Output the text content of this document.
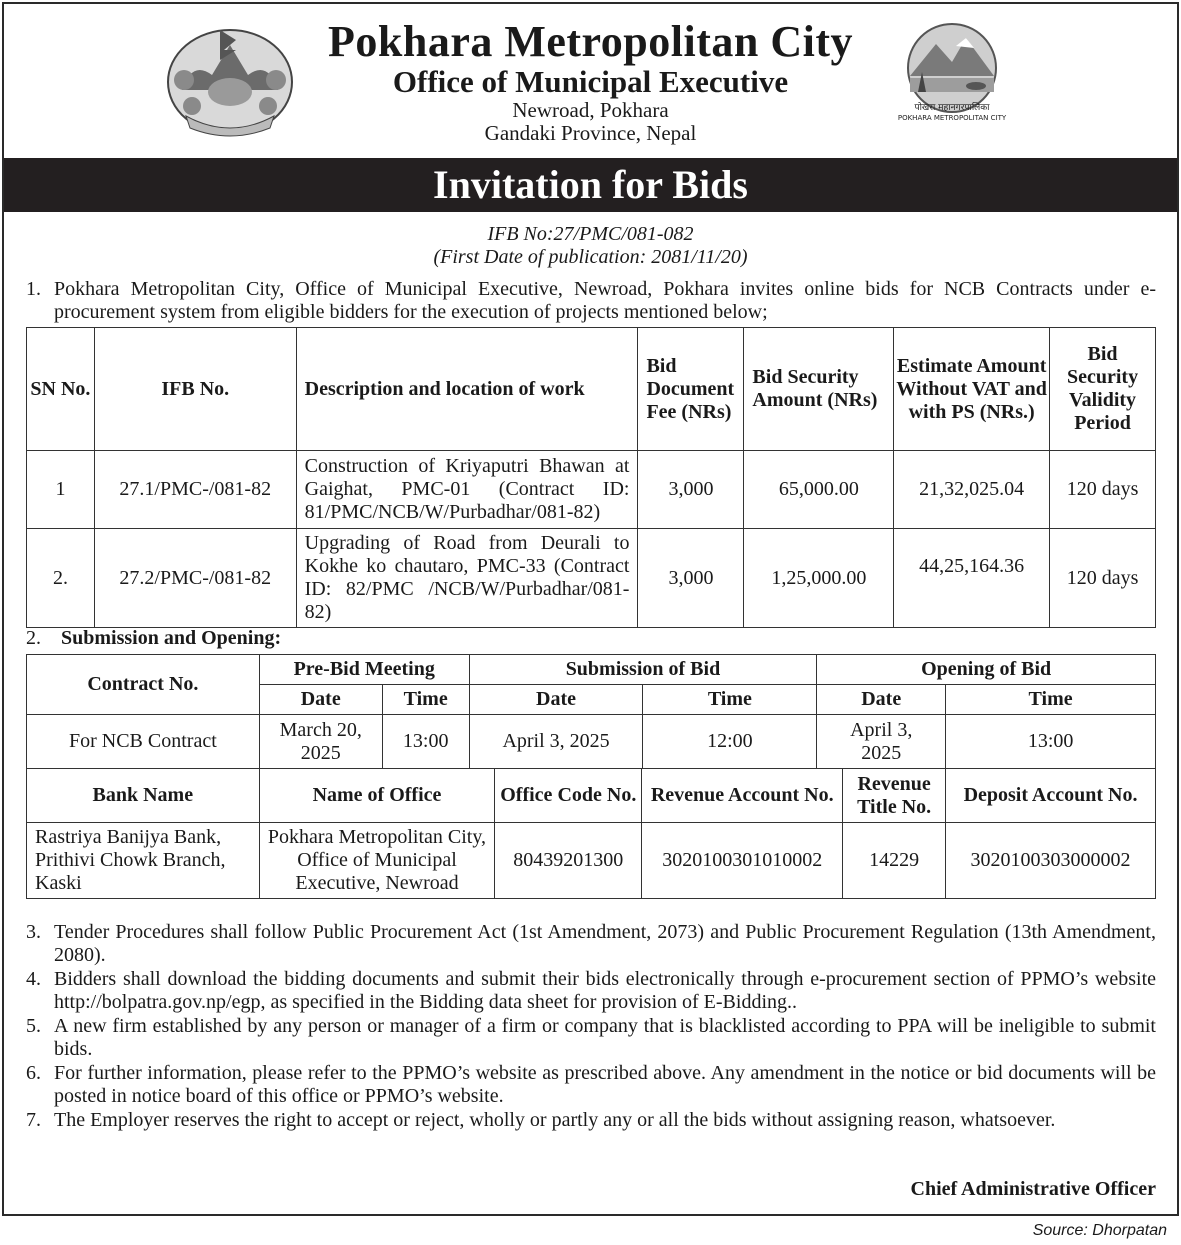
पोखरा महानगरपालिका
POKHARA METROPOLITAN CITY
Pokhara Metropolitan City
Office of Municipal Executive
Newroad, Pokhara
Gandaki Province, Nepal
Invitation for Bids
IFB No:27/PMC/081-082
(First Date of publication: 2081/11/20)
1. Pokhara Metropolitan City, Office of Municipal Executive, Newroad, Pokhara invites online bids for NCB Contracts under e-procurement system from eligible bidders for the execution of projects mentioned below;
SN No.	IFB No.	Description and location of work	Bid Document Fee (NRs)	Bid Security Amount (NRs)	Estimate Amount Without VAT and with PS (NRs.)	Bid Security Validity Period
1	27.1/PMC-/081-82	Construction of Kriyaputri Bhawan at Gaighat, PMC-01 (Contract ID: 81/PMC/NCB/W/Purbadhar/081-82)	3,000	65,000.00	21,32,025.04	120 days
2.	27.2/PMC-/081-82	Upgrading of Road from Deurali to Kokhe ko chautaro, PMC-33 (Contract ID: 82/PMC /NCB/W/Purbadhar/081-82)	3,000	1,25,000.00	44,25,164.36	120 days
2. Submission and Opening:
Contract No.	Pre-Bid Meeting		Submission of Bid		Opening of Bid	
	Date	Time	Date	Time	Date	Time
For NCB Contract	March 20, 2025	13:00	April 3, 2025	12:00	April 3, 2025	13:00
Bank Name	Name of Office	Office Code No.	Revenue Account No.	Revenue Title No.	Deposit Account No.
Rastriya Banijya Bank, Prithivi Chowk Branch, Kaski	Pokhara Metropolitan City, Office of Municipal Executive, Newroad	80439201300	3020100301010002	14229	3020100303000002
3. Tender Procedures shall follow Public Procurement Act (1st Amendment, 2073) and Public Procurement Regulation (13th Amendment, 2080).
4. Bidders shall download the bidding documents and submit their bids electronically through e-procurement section of PPMO’s website http://bolpatra.gov.np/egp, as specified in the Bidding data sheet for provision of E-Bidding..
5. A new firm established by any person or manager of a firm or company that is blacklisted according to PPA will be ineligible to submit bids.
6. For further information, please refer to the PPMO’s website as prescribed above. Any amendment in the notice or bid documents will be posted in notice board of this office or PPMO’s website.
7. The Employer reserves the right to accept or reject, wholly or partly any or all the bids without assigning reason, whatsoever.
Chief Administrative Officer
Source: Dhorpatan
